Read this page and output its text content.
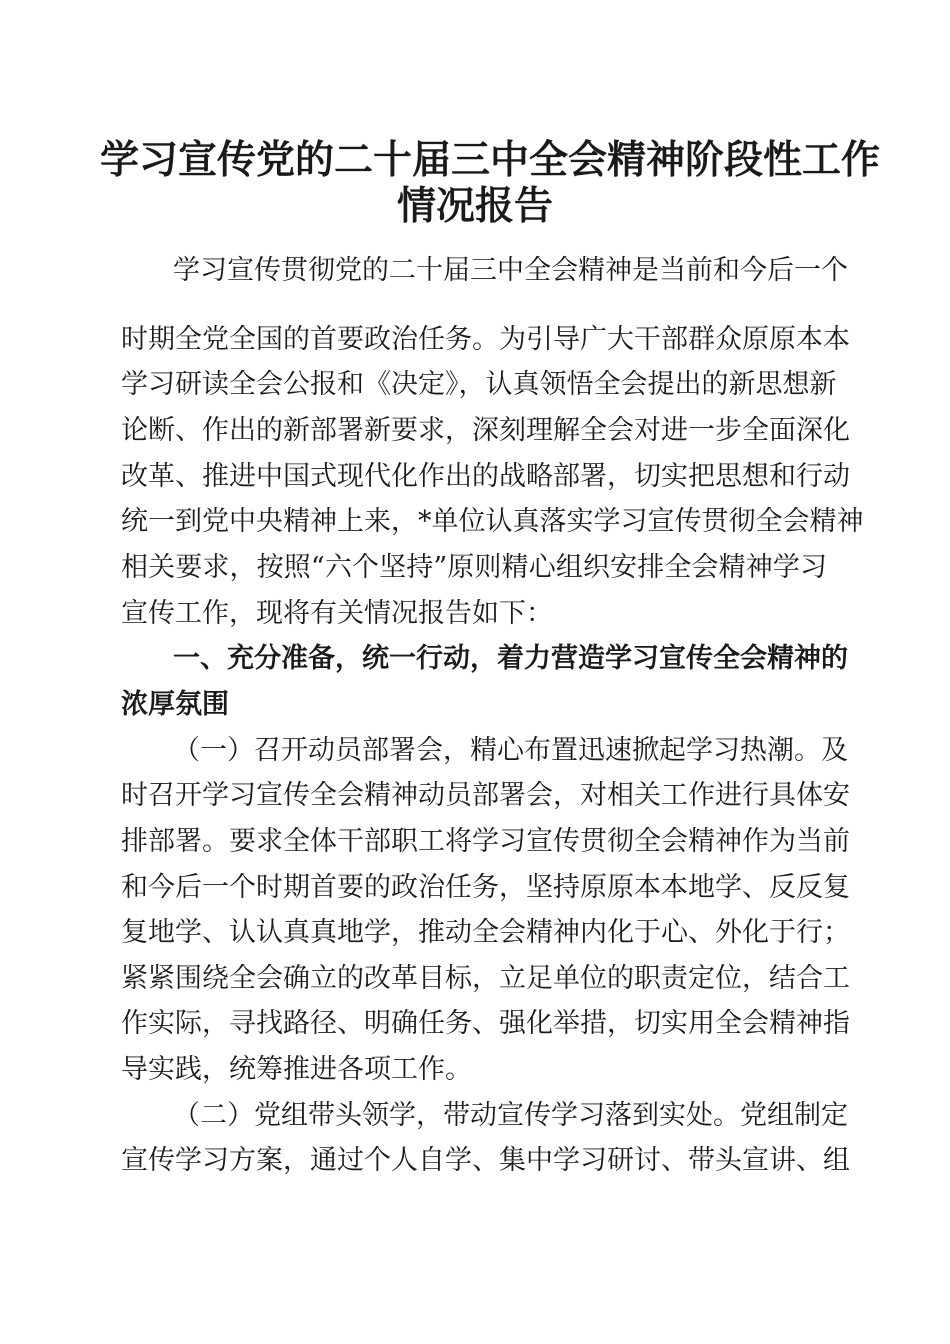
学习宣传党的二十届三中全会精神阶段性工作
情况报告
学习宣传贯彻党的二十届三中全会精神是当前和今后一个
时期全党全国的首要政治任务。为引导广大干部群众原原本本
学习研读全会公报和《决定》，认真领悟全会提出的新思想新
论断、作出的新部署新要求，深刻理解全会对进一步全面深化
改革、推进中国式现代化作出的战略部署，切实把思想和行动
统一到党中央精神上来，*单位认真落实学习宣传贯彻全会精神
相关要求，按照“六个坚持”原则精心组织安排全会精神学习
宣传工作，现将有关情况报告如下：
一、充分准备，统一行动，着力营造学习宣传全会精神的
浓厚氛围
（一）召开动员部署会，精心布置迅速掀起学习热潮。及
时召开学习宣传全会精神动员部署会，对相关工作进行具体安
排部署。要求全体干部职工将学习宣传贯彻全会精神作为当前
和今后一个时期首要的政治任务，坚持原原本本地学、反反复
复地学、认认真真地学，推动全会精神内化于心、外化于行；
紧紧围绕全会确立的改革目标，立足单位的职责定位，结合工
作实际，寻找路径、明确任务、强化举措，切实用全会精神指
导实践，统筹推进各项工作。
（二）党组带头领学，带动宣传学习落到实处。党组制定
宣传学习方案，通过个人自学、集中学习研讨、带头宣讲、组
